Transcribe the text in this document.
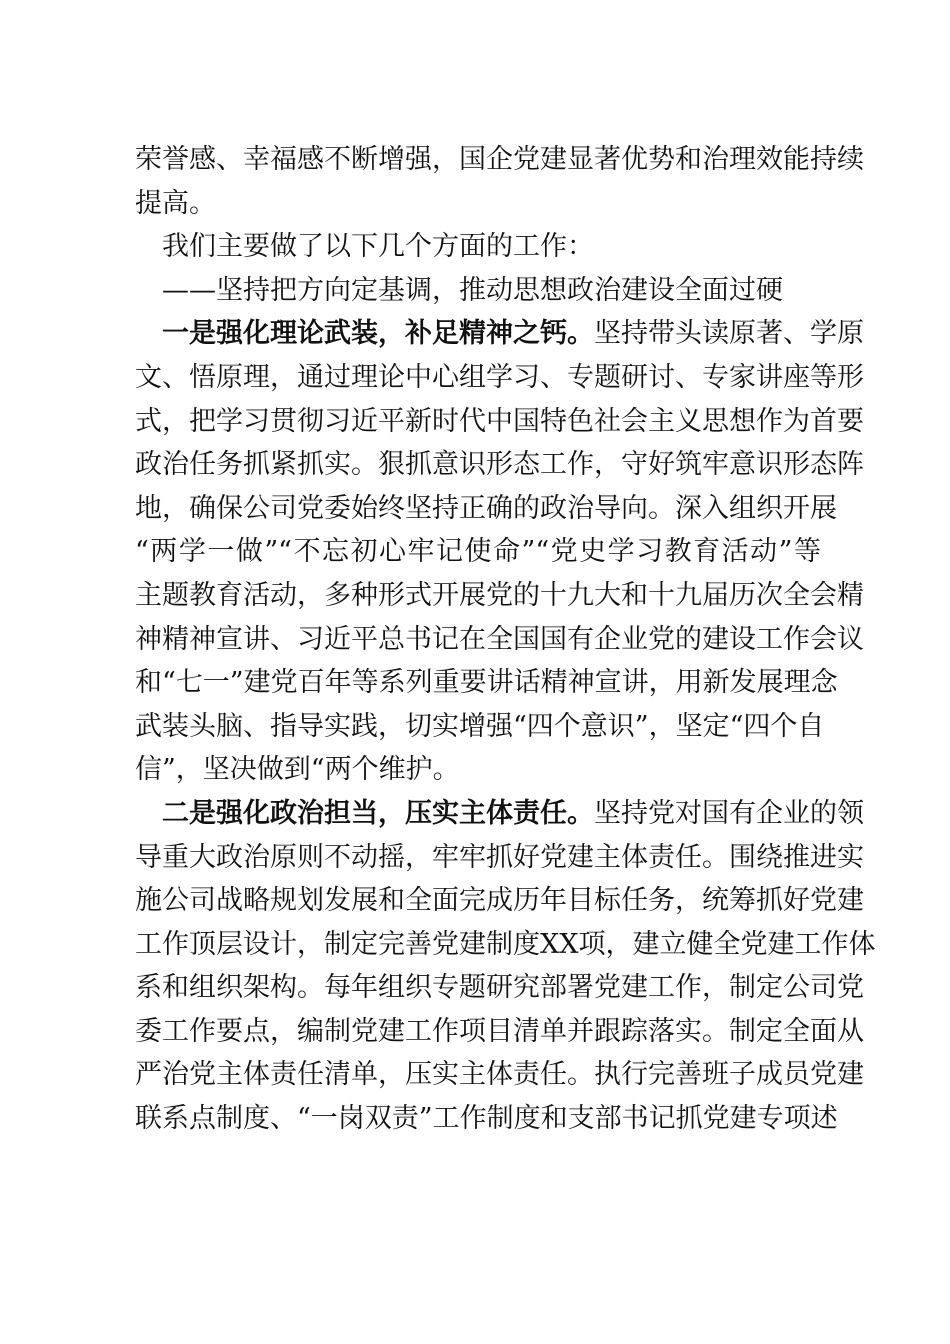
荣誉感、幸福感不断增强，国企党建显著优势和治理效能持续
提高。
我们主要做了以下几个方面的工作：
——坚持把方向定基调，推动思想政治建设全面过硬
一是强化理论武装，补足精神之钙。坚持带头读原著、学原
文、悟原理，通过理论中心组学习、专题研讨、专家讲座等形
式，把学习贯彻习近平新时代中国特色社会主义思想作为首要
政治任务抓紧抓实。狠抓意识形态工作，守好筑牢意识形态阵
地，确保公司党委始终坚持正确的政治导向。深入组织开展
“两学一做”“不忘初心牢记使命”“党史学习教育活动”等
主题教育活动，多种形式开展党的十九大和十九届历次全会精
神精神宣讲、习近平总书记在全国国有企业党的建设工作会议
和“七一”建党百年等系列重要讲话精神宣讲，用新发展理念
武装头脑、指导实践，切实增强“四个意识”，坚定“四个自
信”，坚决做到“两个维护。
二是强化政治担当，压实主体责任。坚持党对国有企业的领
导重大政治原则不动摇，牢牢抓好党建主体责任。围绕推进实
施公司战略规划发展和全面完成历年目标任务，统筹抓好党建
工作顶层设计，制定完善党建制度XX项，建立健全党建工作体
系和组织架构。每年组织专题研究部署党建工作，制定公司党
委工作要点，编制党建工作项目清单并跟踪落实。制定全面从
严治党主体责任清单，压实主体责任。执行完善班子成员党建
联系点制度、“一岗双责”工作制度和支部书记抓党建专项述
